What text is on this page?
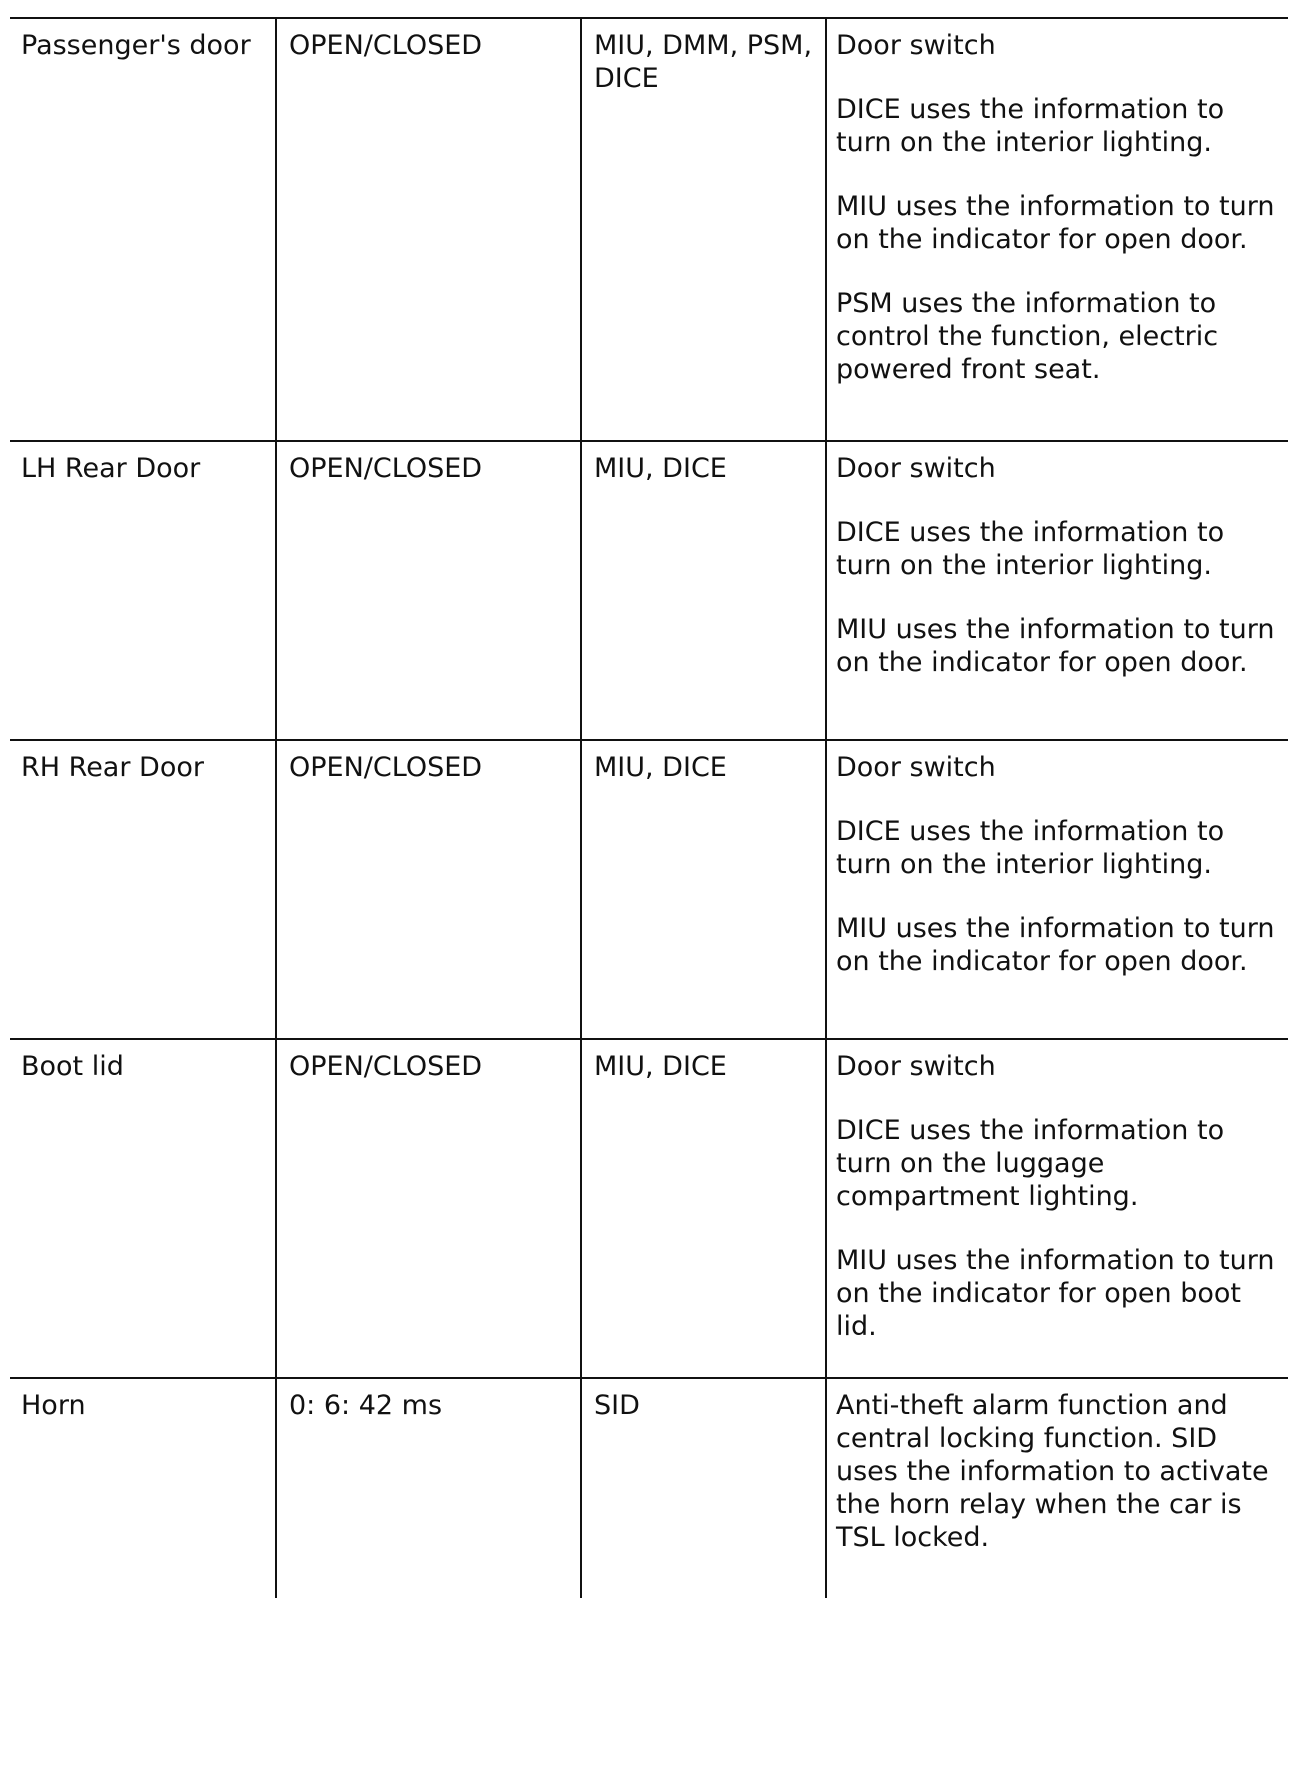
Passenger's door	OPEN/CLOSED	MIU, DMM, PSM, DICE	Door switch

DICE uses the information to turn on the interior lighting.

MIU uses the information to turn on the indicator for open door.

PSM uses the information to control the function, electric powered front seat.

LH Rear Door	OPEN/CLOSED	MIU, DICE	Door switch

DICE uses the information to turn on the interior lighting.

MIU uses the information to turn on the indicator for open door.

RH Rear Door	OPEN/CLOSED	MIU, DICE	Door switch

DICE uses the information to turn on the interior lighting.

MIU uses the information to turn on the indicator for open door.

Boot lid	OPEN/CLOSED	MIU, DICE	Door switch

DICE uses the information to turn on the luggage compartment lighting.

MIU uses the information to turn on the indicator for open boot lid.

Horn	0: 6: 42 ms	SID	Anti-theft alarm function and central locking function. SID uses the information to activate the horn relay when the car is TSL locked.
